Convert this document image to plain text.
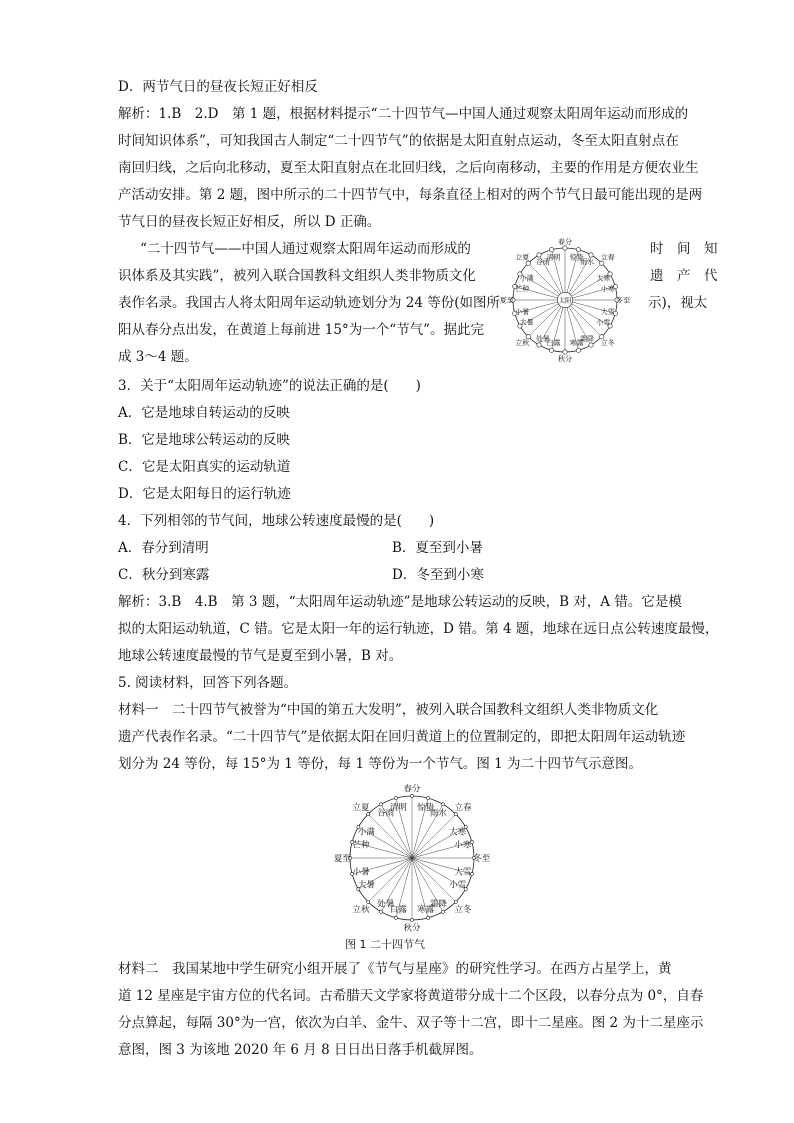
D．两节气日的昼夜长短正好相反
解析：1.B　2.D　第 1 题，根据材料提示“二十四节气—中国人通过观察太阳周年运动而形成的
时间知识体系”，可知我国古人制定“二十四节气”的依据是太阳直射点运动，冬至太阳直射点在
南回归线，之后向北移动，夏至太阳直射点在北回归线，之后向南移动，主要的作用是方便农业生
产活动安排。第 2 题，图中所示的二十四节气中，每条直径上相对的两个节气日最可能出现的是两
节气日的昼夜长短正好相反，所以 D 正确。
“二十四节气——中国人通过观察太阳周年运动而形成的	时　间　知
识体系及其实践”，被列入联合国教科文组织人类非物质文化	遗　产　代
表作名录。我国古人将太阳周年运动轨迹划分为 24 等份(如图所	示)，视太
阳从春分点出发，在黄道上每前进 15°为一个“节气”。据此完
成 3～4 题。
春分
清明
谷雨
立夏
小满
芒种
夏至
小暑
大暑
立秋
处暑
白露
秋分
寒露
霜降
立冬
小雪
大雪
冬至
小寒
大寒
立春
雨水
惊蛰
太阳
3．关于“太阳周年运动轨迹”的说法正确的是(　　)
A．它是地球自转运动的反映
B．它是地球公转运动的反映
C．它是太阳真实的运动轨道
D．它是太阳每日的运行轨迹
4．下列相邻的节气间，地球公转速度最慢的是(　　)
A．春分到清明	B．夏至到小暑
C．秋分到寒露	D．冬至到小寒
解析：3.B　4.B　第 3 题，“太阳周年运动轨迹”是地球公转运动的反映，B 对，A 错。它是模
拟的太阳运动轨道，C 错。它是太阳一年的运行轨迹，D 错。第 4 题，地球在远日点公转速度最慢，
地球公转速度最慢的节气是夏至到小暑，B 对。
5. 阅读材料，回答下列各题。
材料一　二十四节气被誉为“中国的第五大发明”，被列入联合国教科文组织人类非物质文化
遗产代表作名录。“二十四节气”是依据太阳在回归黄道上的位置制定的，即把太阳周年运动轨迹
划分为 24 等份，每 15°为 1 等份，每 1 等份为一个节气。图 1 为二十四节气示意图。
春分
清明
谷雨
立夏
小满
芒种
夏至
小暑
大暑
立秋
处暑
白露
秋分
寒露
霜降
立冬
小雪
大雪
冬至
小寒
大寒
立春
雨水
惊蛰
图 1 二十四节气
材料二　我国某地中学生研究小组开展了《节气与星座》的研究性学习。在西方占星学上，黄
道 12 星座是宇宙方位的代名词。古希腊天文学家将黄道带分成十二个区段，以春分点为 0°，自春
分点算起，每隔 30°为一宫，依次为白羊、金牛、双子等十二宫，即十二星座。图 2 为十二星座示
意图，图 3 为该地 2020 年 6 月 8 日日出日落手机截屏图。
